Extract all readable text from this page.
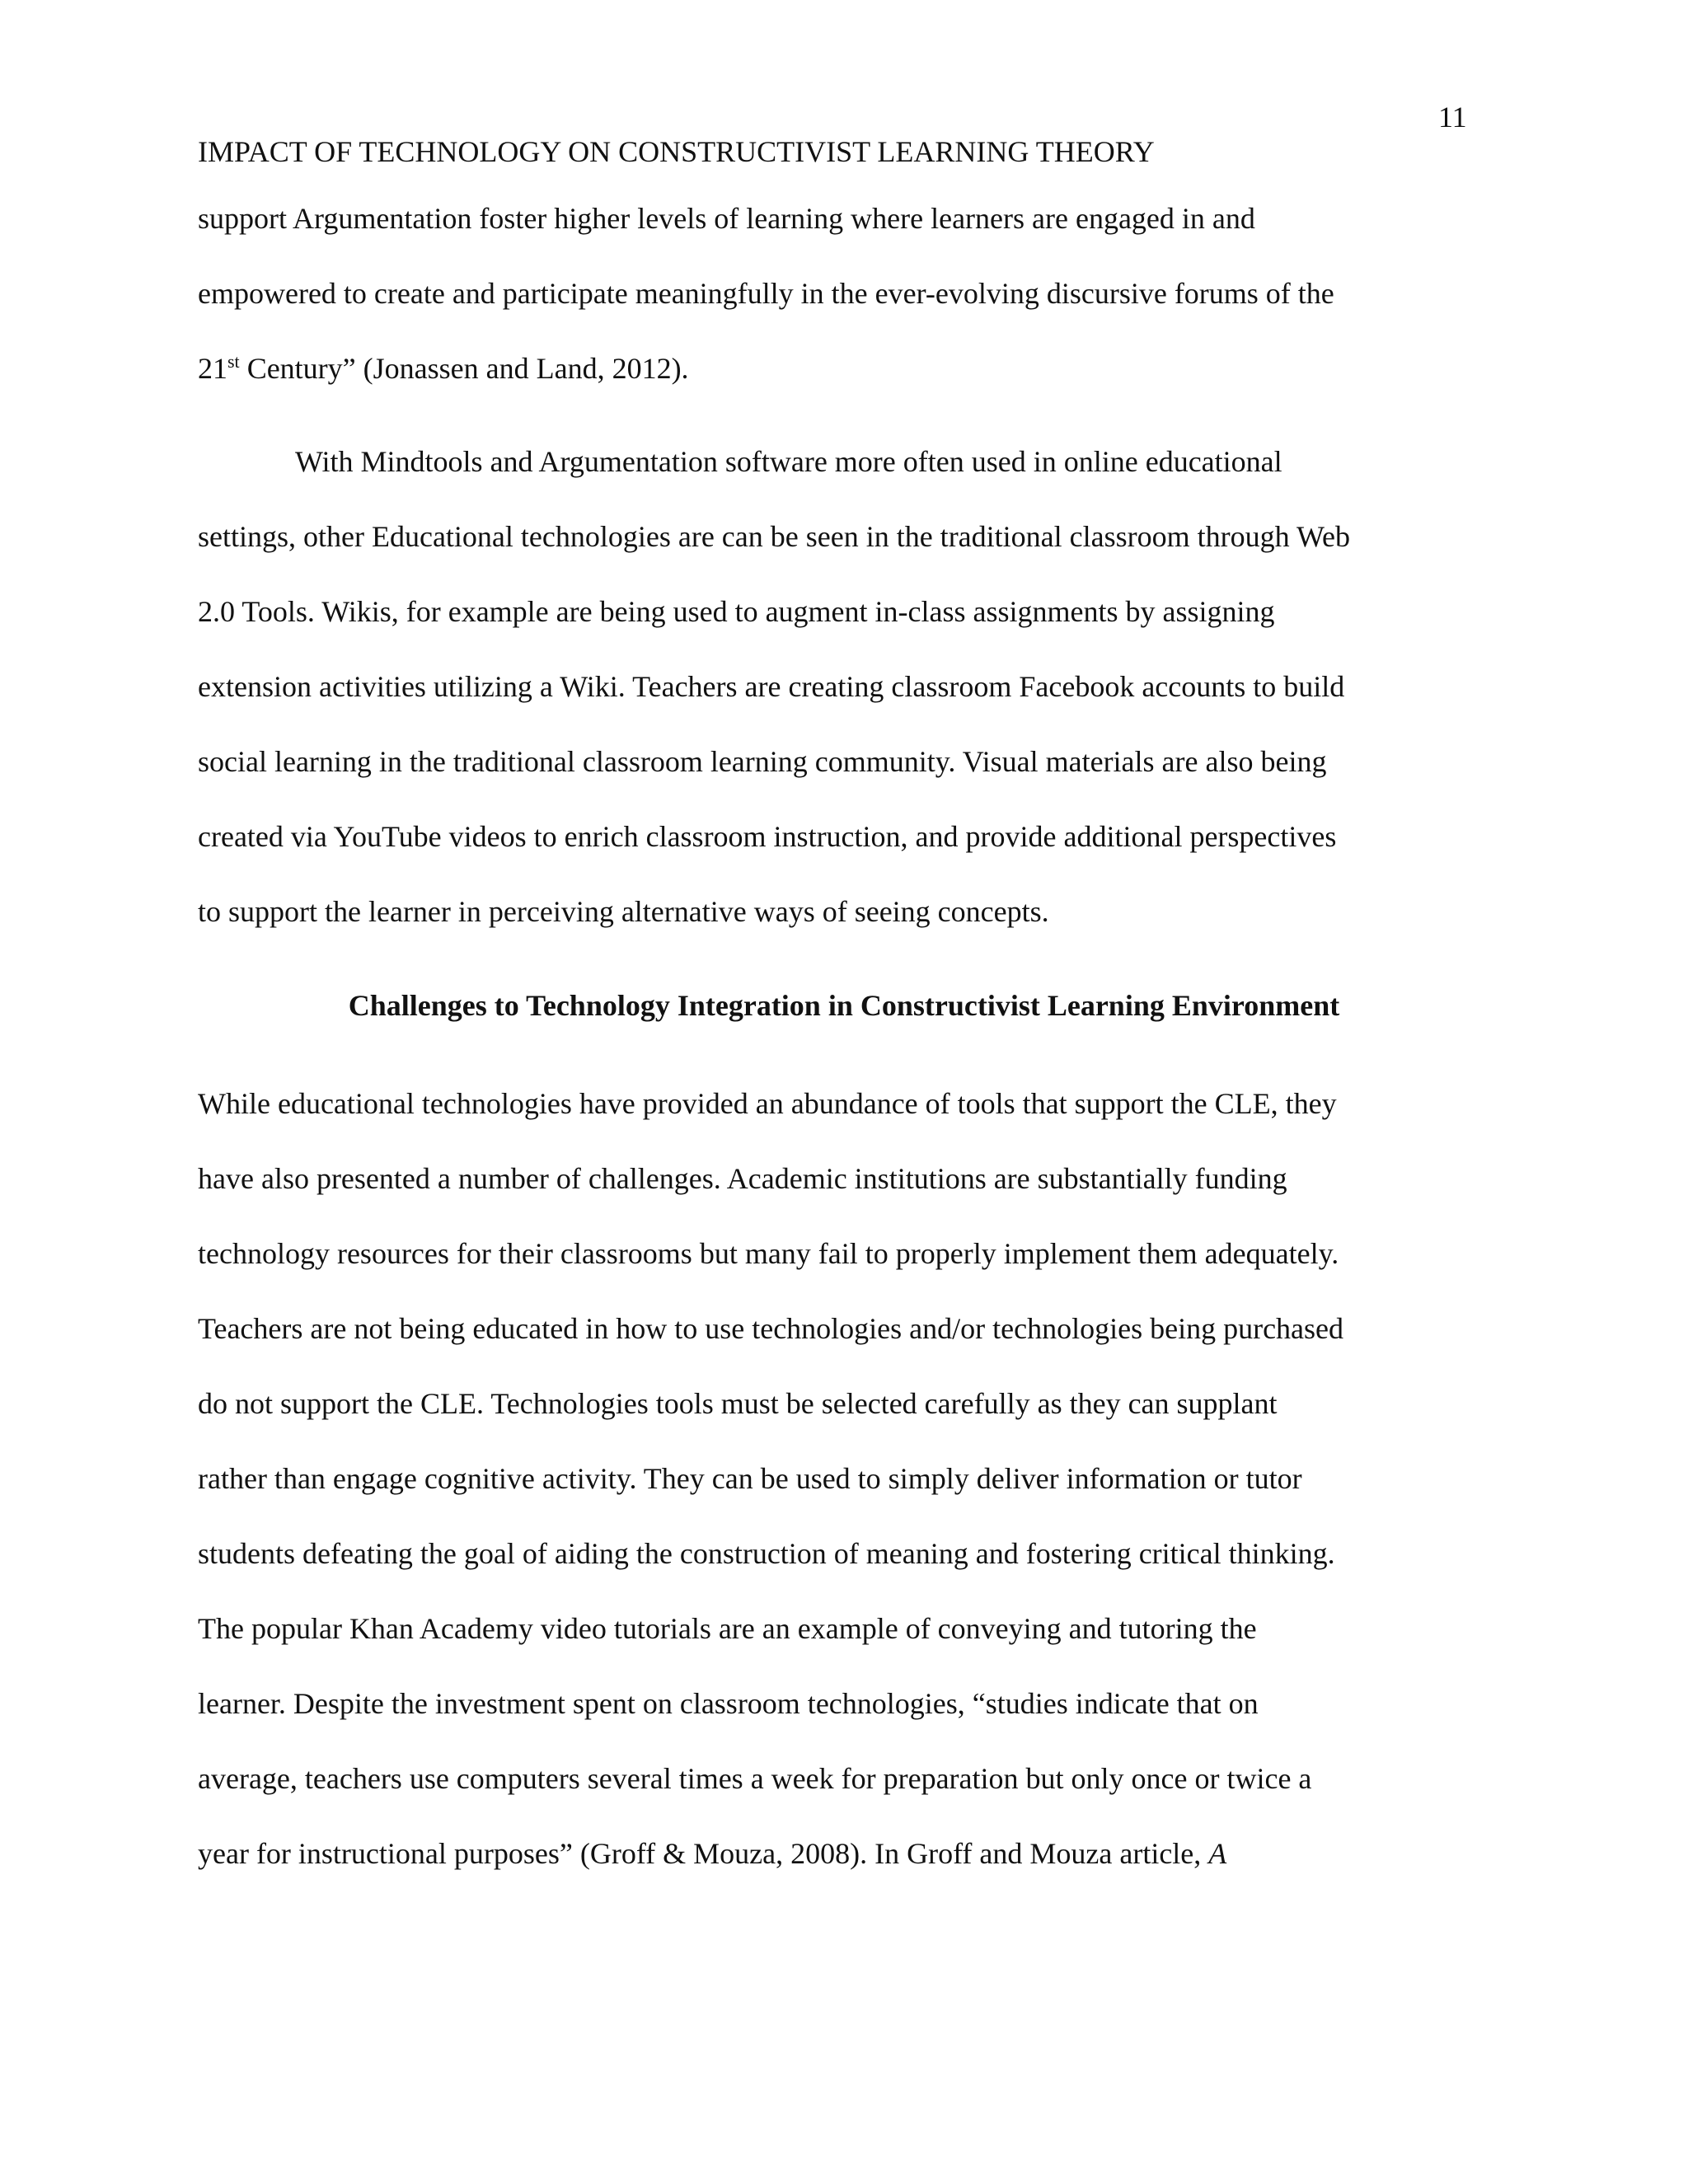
11
IMPACT OF TECHNOLOGY ON CONSTRUCTIVIST LEARNING THEORY
support Argumentation foster higher levels of learning where learners are engaged in and
empowered to create and participate meaningfully in the ever-evolving discursive forums of the
21st Century” (Jonassen and Land, 2012).
With Mindtools and Argumentation software more often used in online educational
settings, other Educational technologies are can be seen in the traditional classroom through Web
2.0 Tools. Wikis, for example are being used to augment in-class assignments by assigning
extension activities utilizing a Wiki. Teachers are creating classroom Facebook accounts to build
social learning in the traditional classroom learning community. Visual materials are also being
created via YouTube videos to enrich classroom instruction, and provide additional perspectives
to support the learner in perceiving alternative ways of seeing concepts.
Challenges to Technology Integration in Constructivist Learning Environment
While educational technologies have provided an abundance of tools that support the CLE, they
have also presented a number of challenges. Academic institutions are substantially funding
technology resources for their classrooms but many fail to properly implement them adequately.
Teachers are not being educated in how to use technologies and/or technologies being purchased
do not support the CLE. Technologies tools must be selected carefully as they can supplant
rather than engage cognitive activity. They can be used to simply deliver information or tutor
students defeating the goal of aiding the construction of meaning and fostering critical thinking.
The popular Khan Academy video tutorials are an example of conveying and tutoring the
learner. Despite the investment spent on classroom technologies, “studies indicate that on
average, teachers use computers several times a week for preparation but only once or twice a
year for instructional purposes” (Groff & Mouza, 2008). In Groff and Mouza article, A
